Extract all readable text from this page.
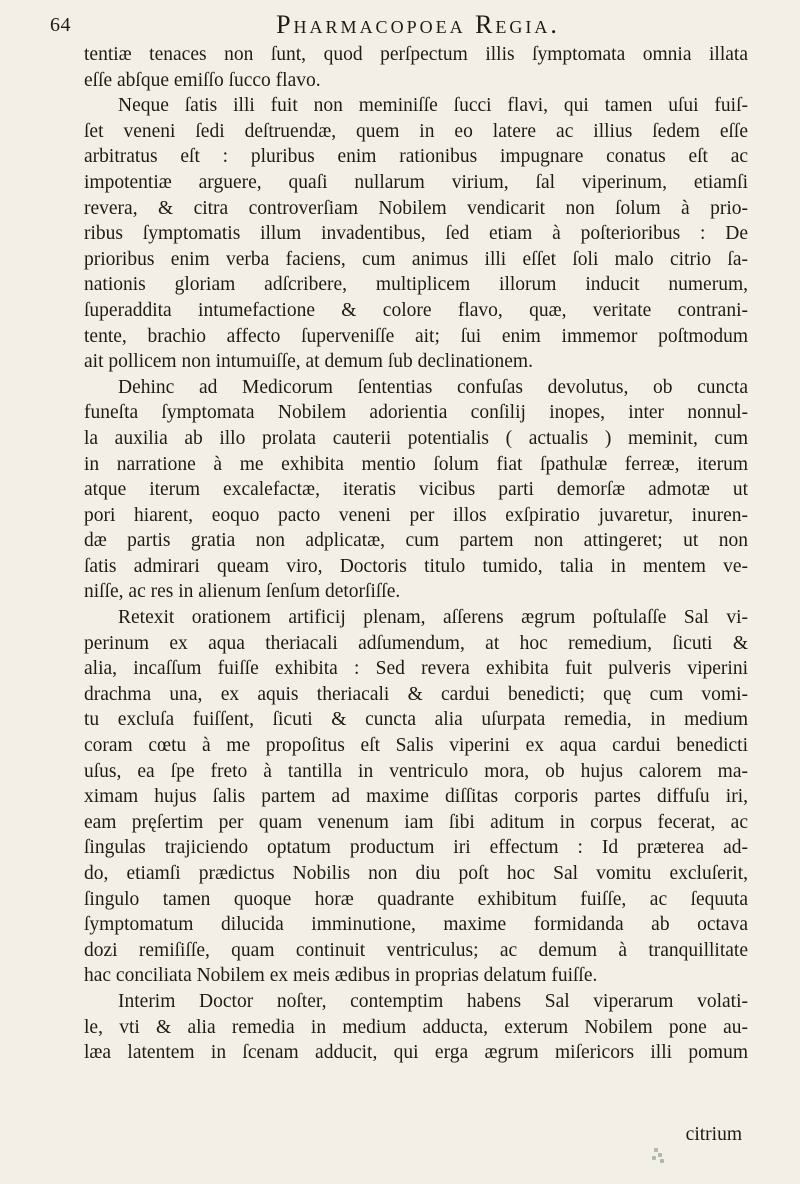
64	Pharmacopoea Regia.
tentiæ tenaces non ſunt, quod perſpectum illis ſymptomata omnia illata
eſſe abſque emiſſo ſucco flavo.
Neque ſatis illi fuit non meminiſſe ſucci flavi, qui tamen uſui fuiſ-
ſet veneni ſedi deſtruendæ, quem in eo latere ac illius ſedem eſſe
arbitratus eſt : pluribus enim rationibus impugnare conatus eſt ac
impotentiæ arguere, quaſi nullarum virium, ſal viperinum, etiamſi
revera, & citra controverſiam Nobilem vendicarit non ſolum à prio-
ribus ſymptomatis illum invadentibus, ſed etiam à poſterioribus : De
prioribus enim verba faciens, cum animus illi eſſet ſoli malo citrio ſa-
nationis gloriam adſcribere, multiplicem illorum inducit numerum,
ſuperaddita intumefactione & colore flavo, quæ, veritate contrani-
tente, brachio affecto ſuperveniſſe ait; ſui enim immemor poſtmodum
ait pollicem non intumuiſſe, at demum ſub declinationem.
Dehinc ad Medicorum ſententias confuſas devolutus, ob cuncta
funeſta ſymptomata Nobilem adorientia conſilij inopes, inter nonnul-
la auxilia ab illo prolata cauterii potentialis ( actualis ) meminit, cum
in narratione à me exhibita mentio ſolum fiat ſpathulæ ferreæ, iterum
atque iterum excalefactæ, iteratis vicibus parti demorſæ admotæ ut
pori hiarent, eoquo pacto veneni per illos exſpiratio juvaretur, inuren-
dæ partis gratia non adplicatæ, cum partem non attingeret; ut non
ſatis admirari queam viro, Doctoris titulo tumido, talia in mentem ve-
niſſe, ac res in alienum ſenſum detorſiſſe.
Retexit orationem artificij plenam, aſſerens ægrum poſtulaſſe Sal vi-
perinum ex aqua theriacali adſumendum, at hoc remedium, ſicuti &
alia, incaſſum fuiſſe exhibita : Sed revera exhibita fuit pulveris viperini
drachma una, ex aquis theriacali & cardui benedicti; quę cum vomi-
tu excluſa fuiſſent, ſicuti & cuncta alia uſurpata remedia, in medium
coram cœtu à me propoſitus eſt Salis viperini ex aqua cardui benedicti
uſus, ea ſpe freto à tantilla in ventriculo mora, ob hujus calorem ma-
ximam hujus ſalis partem ad maxime diſſitas corporis partes diffuſu iri,
eam pręſertim per quam venenum iam ſibi aditum in corpus fecerat, ac
ſingulas trajiciendo optatum productum iri effectum : Id præterea ad-
do, etiamſi prædictus Nobilis non diu poſt hoc Sal vomitu excluſerit,
ſingulo tamen quoque horæ quadrante exhibitum fuiſſe, ac ſequuta
ſymptomatum dilucida imminutione, maxime formidanda ab octava
dozi remiſiſſe, quam continuit ventriculus; ac demum à tranquillitate
hac conciliata Nobilem ex meis ædibus in proprias delatum fuiſſe.
Interim Doctor noſter, contemptim habens Sal viperarum volati-
le, vti & alia remedia in medium adducta, exterum Nobilem pone au-
læa latentem in ſcenam adducit, qui erga ægrum miſericors illi pomum
citrium
